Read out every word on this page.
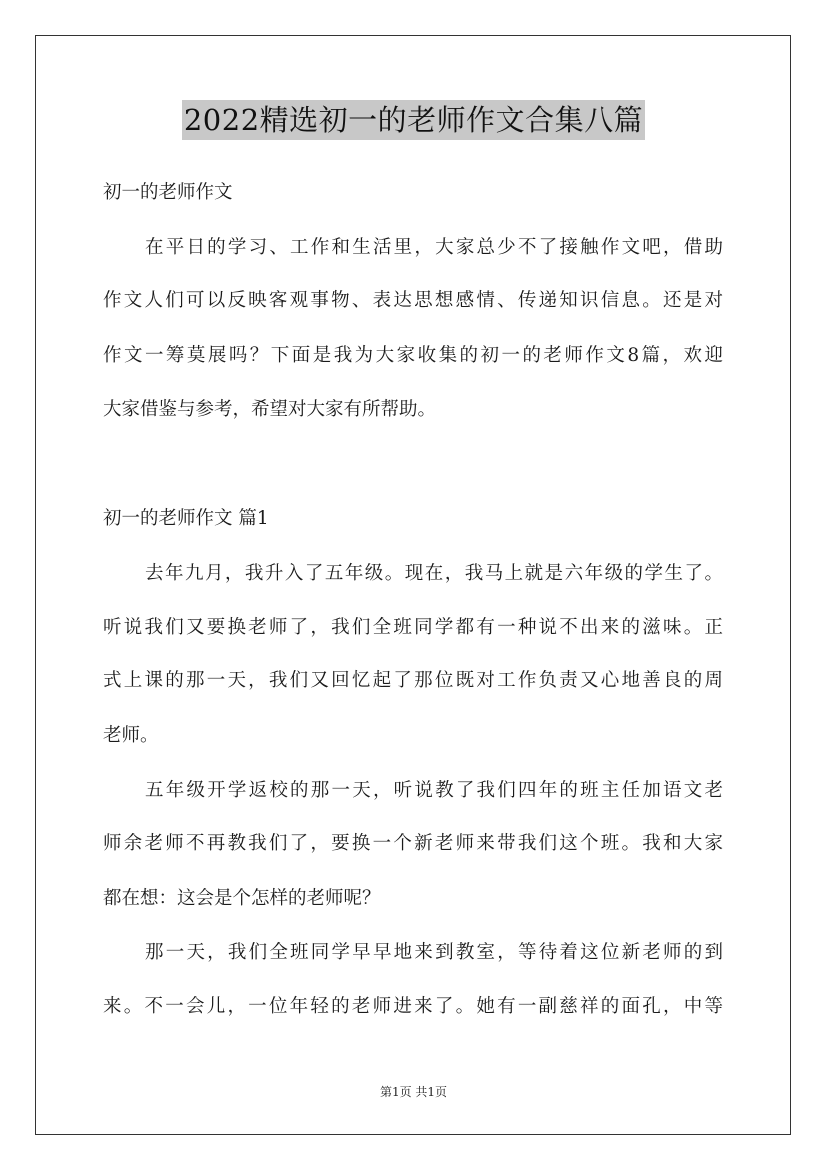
2022精选初一的老师作文合集八篇
初一的老师作文
在平日的学习、工作和生活里，大家总少不了接触作文吧，借助
作文人们可以反映客观事物、表达思想感情、传递知识信息。还是对
作文一筹莫展吗？下面是我为大家收集的初一的老师作文8篇，欢迎
大家借鉴与参考，希望对大家有所帮助。
初一的老师作文 篇1
去年九月，我升入了五年级。现在，我马上就是六年级的学生了。
听说我们又要换老师了，我们全班同学都有一种说不出来的滋味。正
式上课的那一天，我们又回忆起了那位既对工作负责又心地善良的周
老师。
五年级开学返校的那一天，听说教了我们四年的班主任加语文老
师余老师不再教我们了，要换一个新老师来带我们这个班。我和大家
都在想：这会是个怎样的老师呢？
那一天，我们全班同学早早地来到教室，等待着这位新老师的到
来。不一会儿，一位年轻的老师进来了。她有一副慈祥的面孔，中等
第1页 共1页
